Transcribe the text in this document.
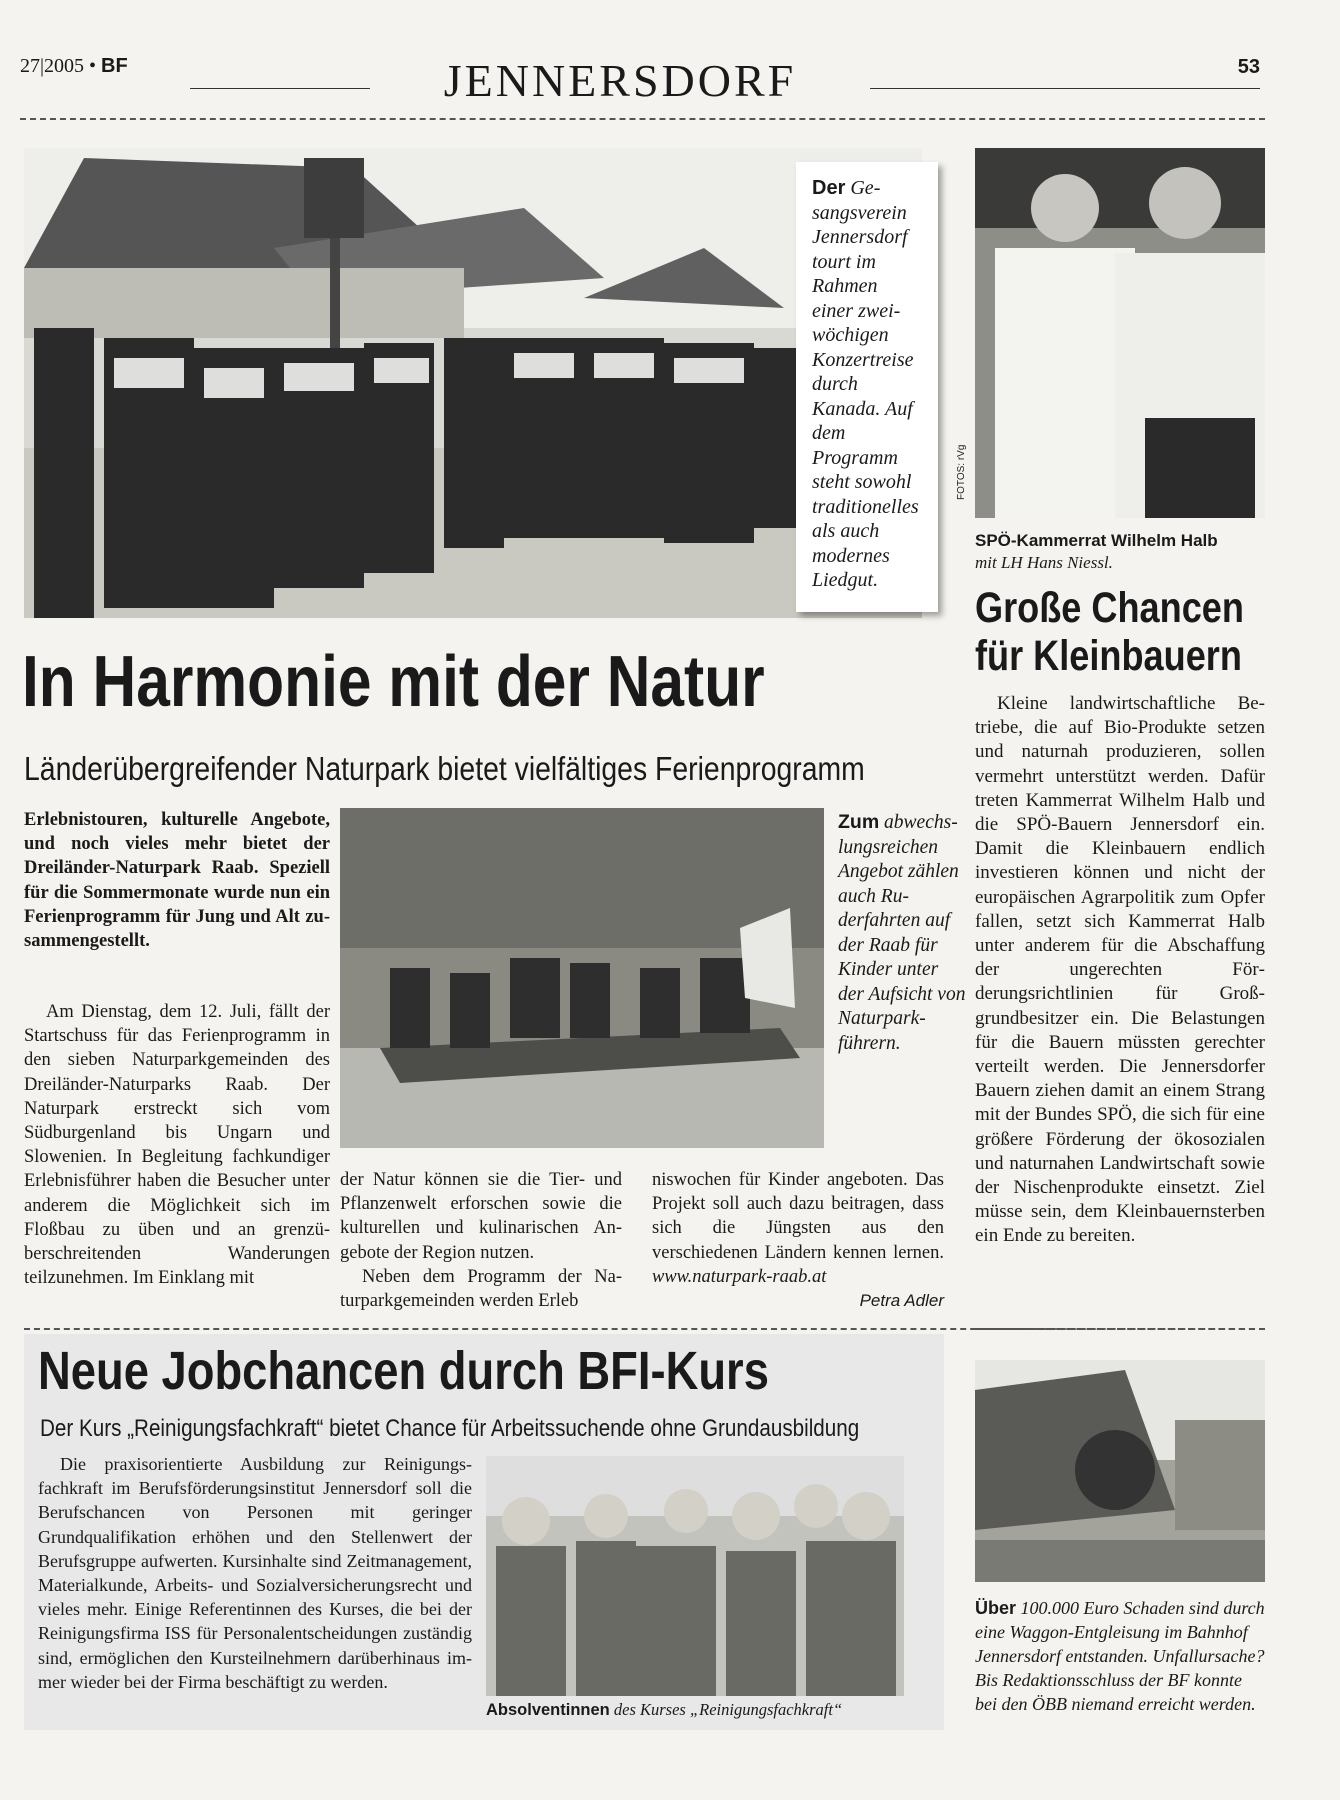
27|2005 • BF	JENNERSDORF	53
Der Gesangsverein Jennersdorf tourt im Rahmen einer zweiwöchigen Konzertreise durch Kanada. Auf dem Programm steht sowohl traditionelles als auch modernes Liedgut.
In Harmonie mit der Natur
Länderübergreifender Naturpark bietet vielfältiges Ferienprogramm
Erlebnistouren, kulturelle Angebote, und noch vieles mehr bietet der Dreiländer-Naturpark Raab. Speziell für die Sommermonate wurde nun ein Ferienprogramm für Jung und Alt zusammengestellt.

Am Dienstag, dem 12. Juli, fällt der Startschuss für das Ferienprogramm in den sieben Naturparkgemeinden des Dreiländer-Naturparks Raab. Der Naturpark erstreckt sich vom Südburgenland bis Ungarn und Slowenien. In Begleitung fachkundiger Erlebnisführer haben die Besucher unter anderem die Möglichkeit sich im Floßbau zu üben und an grenzüberschreitenden Wanderungen teilzunehmen. Im Einklang mit

Zum abwechslungsreichen Angebot zählen auch Ruderfahrten auf der Raab für Kinder unter der Aufsicht von Naturparkführern.

der Natur können sie die Tier- und Pflanzenwelt erforschen sowie die kulturellen und kulinarischen Angebote der Region nutzen.

Neben dem Programm der Naturparkgemeinden werden Erleb

niswochen für Kinder angeboten. Das Projekt soll auch dazu beitragen, dass sich die Jüngsten aus den verschiedenen Ländern kennen lernen. www.naturpark-raab.at

Petra Adler
FOTOS: rVg
SPÖ-Kammerrat Wilhelm Halb
mit LH Hans Niessl.
Große Chancen
für Kleinbauern
Kleine landwirtschaftliche Betriebe, die auf Bio-Produkte setzen und naturnah produzieren, sollen vermehrt unterstützt werden. Dafür treten Kammerrat Wilhelm Halb und die SPÖ-Bauern Jennersdorf ein. Damit die Kleinbauern endlich investieren können und nicht der europäischen Agrarpolitik zum Opfer fallen, setzt sich Kammerrat Halb unter anderem für die Abschaffung der ungerechten Förderungsrichtlinien für Großgrundbesitzer ein. Die Belastungen für die Bauern müssten gerechter verteilt werden. Die Jennersdorfer Bauern ziehen damit an einem Strang mit der Bundes SPÖ, die sich für eine größere Förderung der ökosozialen und naturnahen Landwirtschaft sowie der Nischenprodukte einsetzt. Ziel müsse sein, dem Kleinbauernsterben ein Ende zu bereiten.
Neue Jobchancen durch BFI-Kurs
Der Kurs „Reinigungsfachkraft“ bietet Chance für Arbeitssuchende ohne Grundausbildung

Die praxisorientierte Ausbildung zur Reinigungsfachkraft im Berufsförderungsinstitut Jennersdorf soll die Berufschancen von Personen mit geringer Grundqualifikation erhöhen und den Stellenwert der Berufsgruppe aufwerten. Kursinhalte sind Zeitmanagement, Materialkunde, Arbeits- und Sozialversicherungsrecht und vieles mehr. Einige Referentinnen des Kurses, die bei der Reinigungsfirma ISS für Personalentscheidungen zuständig sind, ermöglichen den Kursteilnehmern darüberhinaus immer wieder bei der Firma beschäftigt zu werden.

Absolventinnen des Kurses „Reinigungsfachkraft“
Über 100.000 Euro Schaden sind durch eine Waggon-Entgleisung im Bahnhof Jennersdorf entstanden. Unfallursache? Bis Redaktionsschluss der BF konnte bei den ÖBB niemand erreicht werden.
